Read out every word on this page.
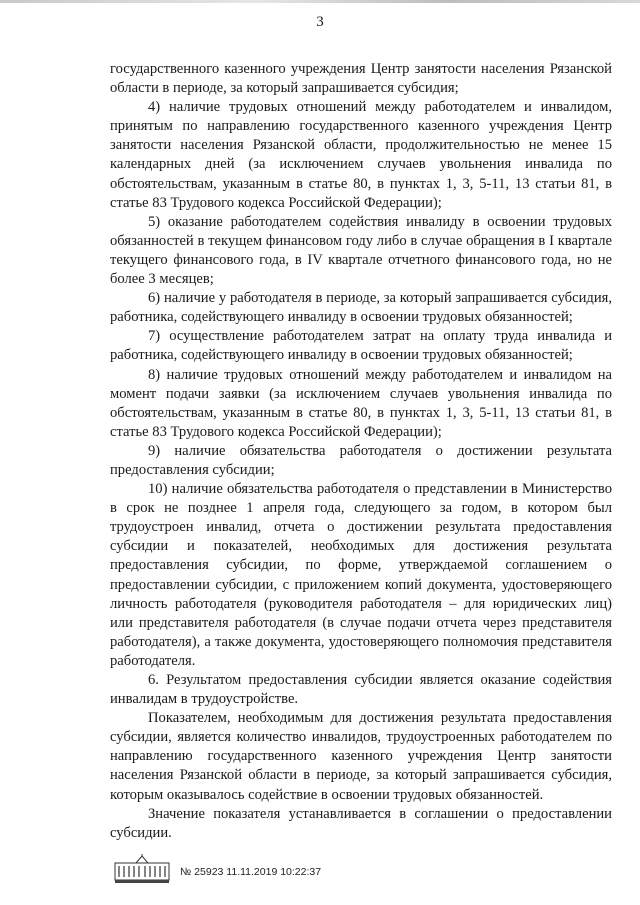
3

государственного казенного учреждения Центр занятости населения Рязанской области в периоде, за который запрашивается субсидия;

4) наличие трудовых отношений между работодателем и инвалидом, принятым по направлению государственного казенного учреждения Центр занятости населения Рязанской области, продолжительностью не менее 15 календарных дней (за исключением случаев увольнения инвалида по обстоятельствам, указанным в статье 80, в пунктах 1, 3, 5-11, 13 статьи 81, в статье 83 Трудового кодекса Российской Федерации);

5) оказание работодателем содействия инвалиду в освоении трудовых обязанностей в текущем финансовом году либо в случае обращения в I квартале текущего финансового года, в IV квартале отчетного финансового года, но не более 3 месяцев;

6) наличие у работодателя в периоде, за который запрашивается субсидия, работника, содействующего инвалиду в освоении трудовых обязанностей;

7) осуществление работодателем затрат на оплату труда инвалида и работника, содействующего инвалиду в освоении трудовых обязанностей;

8) наличие трудовых отношений между работодателем и инвалидом на момент подачи заявки (за исключением случаев увольнения инвалида по обстоятельствам, указанным в статье 80, в пунктах 1, 3, 5-11, 13 статьи 81, в статье 83 Трудового кодекса Российской Федерации);

9) наличие обязательства работодателя о достижении результата предоставления субсидии;

10) наличие обязательства работодателя о представлении в Министерство в срок не позднее 1 апреля года, следующего за годом, в котором был трудоустроен инвалид, отчета о достижении результата предоставления субсидии и показателей, необходимых для достижения результата предоставления субсидии, по форме, утверждаемой соглашением о предоставлении субсидии, с приложением копий документа, удостоверяющего личность работодателя (руководителя работодателя – для юридических лиц) или представителя работодателя (в случае подачи отчета через представителя работодателя), а также документа, удостоверяющего полномочия представителя работодателя.

6. Результатом предоставления субсидии является оказание содействия инвалидам в трудоустройстве.

Показателем, необходимым для достижения результата предоставления субсидии, является количество инвалидов, трудоустроенных работодателем по направлению государственного казенного учреждения Центр занятости населения Рязанской области в периоде, за который запрашивается субсидия, которым оказывалось содействие в освоении трудовых обязанностей.

Значение показателя устанавливается в соглашении о предоставлении субсидии.

№ 25923 11.11.2019 10:22:37
